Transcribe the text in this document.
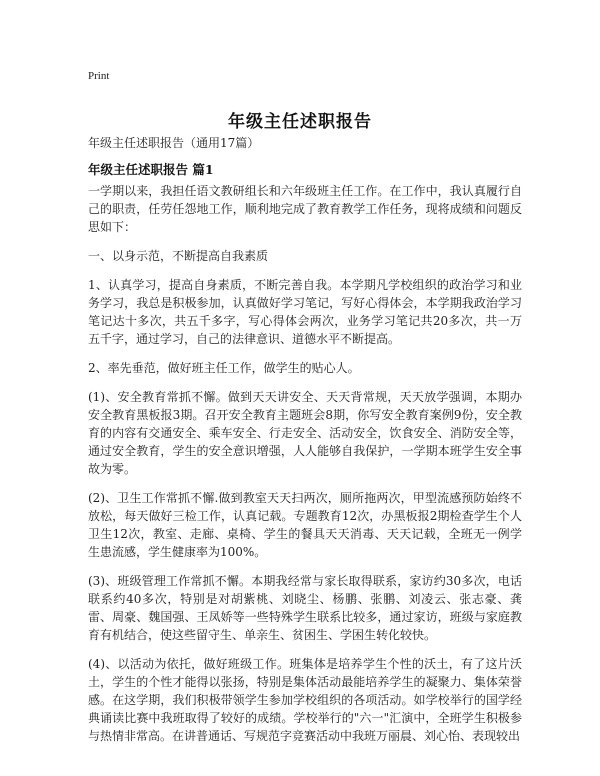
Print
年级主任述职报告
年级主任述职报告（通用17篇）
年级主任述职报告 篇1

一学期以来，我担任语文教研组长和六年级班主任工作。在工作中，我认真履行自己的职责，任劳任怨地工作，顺利地完成了教育教学工作任务，现将成绩和问题反思如下：

一、以身示范，不断提高自我素质

1、认真学习，提高自身素质，不断完善自我。本学期凡学校组织的政治学习和业务学习，我总是积极参加，认真做好学习笔记，写好心得体会，本学期我政治学习笔记达十多次，共五千多字，写心得体会两次，业务学习笔记共20多次，共一万五千字，通过学习，自己的法律意识、道德水平不断提高。

2、率先垂范，做好班主任工作，做学生的贴心人。

(1)、安全教育常抓不懈。做到天天讲安全、天天背常规，天天放学强调，本期办安全教育黑板报3期。召开安全教育主题班会8期，你写安全教育案例9份，安全教育的内容有交通安全、乘车安全、行走安全、活动安全，饮食安全、消防安全等，通过安全教育，学生的安全意识增强，人人能够自我保护，一学期本班学生安全事故为零。

(2)、卫生工作常抓不懈.做到教室天天扫两次，厕所拖两次，甲型流感预防始终不放松，每天做好三检工作，认真记载。专题教育12次，办黑板报2期检查学生个人卫生12次，教室、走廊、桌椅、学生的餐具天天消毒、天天记载，全班无一例学生患流感，学生健康率为100%。

(3)、班级管理工作常抓不懈。本期我经常与家长取得联系，家访约30多次，电话联系约40多次，特别是对胡紫桃、刘晓尘、杨鹏、张鹏、刘凌云、张志豪、龚雷、周豪、魏国强、王凤娇等一些特殊学生联系比较多，通过家访，班级与家庭教育有机结合，使这些留守生、单亲生、贫困生、学困生转化较快。

(4)、以活动为依托，做好班级工作。班集体是培养学生个性的沃土，有了这片沃土，学生的个性才能得以张扬，特别是集体活动最能培养学生的凝聚力、集体荣誉感。在这学期，我们积极带领学生参加学校组织的各项活动。如学校举行的国学经典诵读比赛中我班取得了较好的成绩。学校举行的"六一"汇演中，全班学生积极参与热情非常高。在讲普通话、写规范字竞赛活动中我班万丽晨、刘心怡、表现较出
